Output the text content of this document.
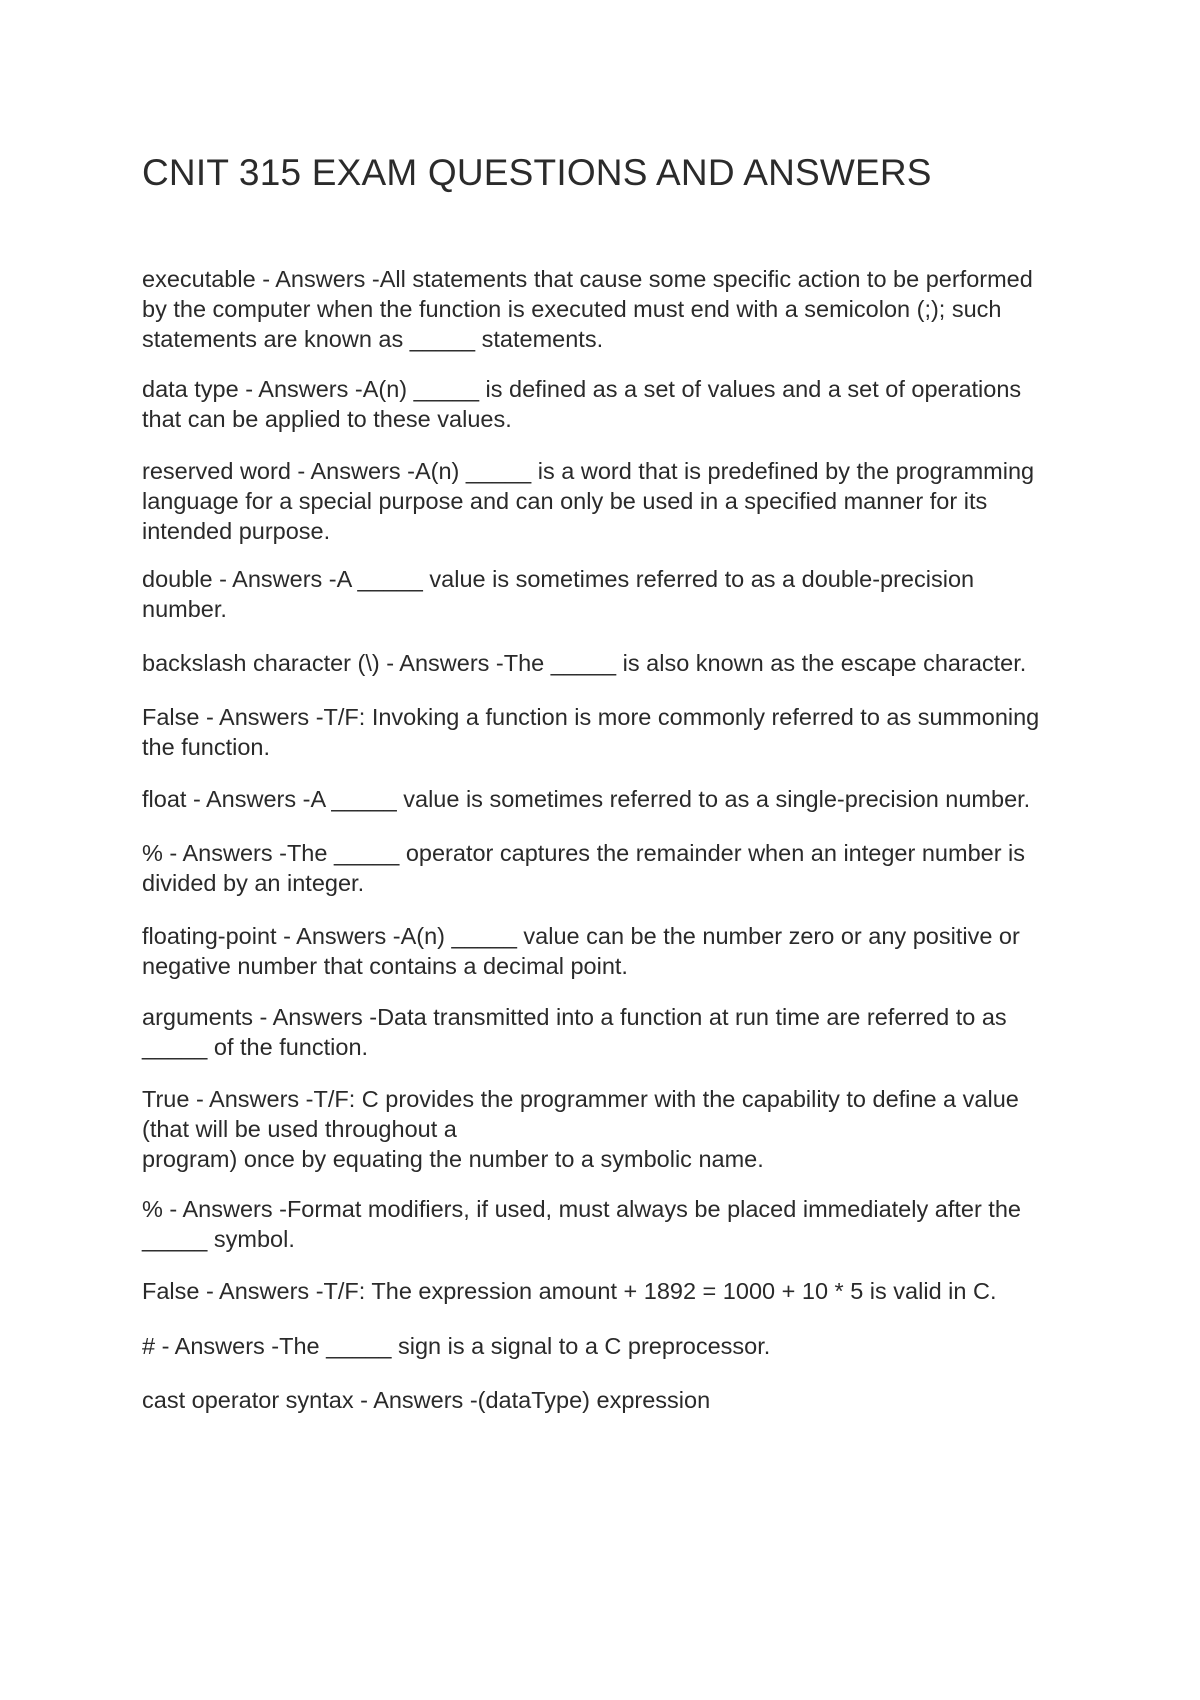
CNIT 315 EXAM QUESTIONS AND ANSWERS

executable - Answers -All statements that cause some specific action to be performed
by the computer when the function is executed must end with a semicolon (;); such
statements are known as _____ statements.

data type - Answers -A(n) _____ is defined as a set of values and a set of operations
that can be applied to these values.

reserved word - Answers -A(n) _____ is a word that is predefined by the programming
language for a special purpose and can only be used in a specified manner for its
intended purpose.

double - Answers -A _____ value is sometimes referred to as a double-precision
number.

backslash character (\) - Answers -The _____ is also known as the escape character.

False - Answers -T/F: Invoking a function is more commonly referred to as summoning
the function.

float - Answers -A _____ value is sometimes referred to as a single-precision number.

% - Answers -The _____ operator captures the remainder when an integer number is
divided by an integer.

floating-point - Answers -A(n) _____ value can be the number zero or any positive or
negative number that contains a decimal point.

arguments - Answers -Data transmitted into a function at run time are referred to as
_____ of the function.

True - Answers -T/F: C provides the programmer with the capability to define a value
(that will be used throughout a
program) once by equating the number to a symbolic name.

% - Answers -Format modifiers, if used, must always be placed immediately after the
_____ symbol.

False - Answers -T/F: The expression amount + 1892 = 1000 + 10 * 5 is valid in C.

# - Answers -The _____ sign is a signal to a C preprocessor.

cast operator syntax - Answers -(dataType) expression
